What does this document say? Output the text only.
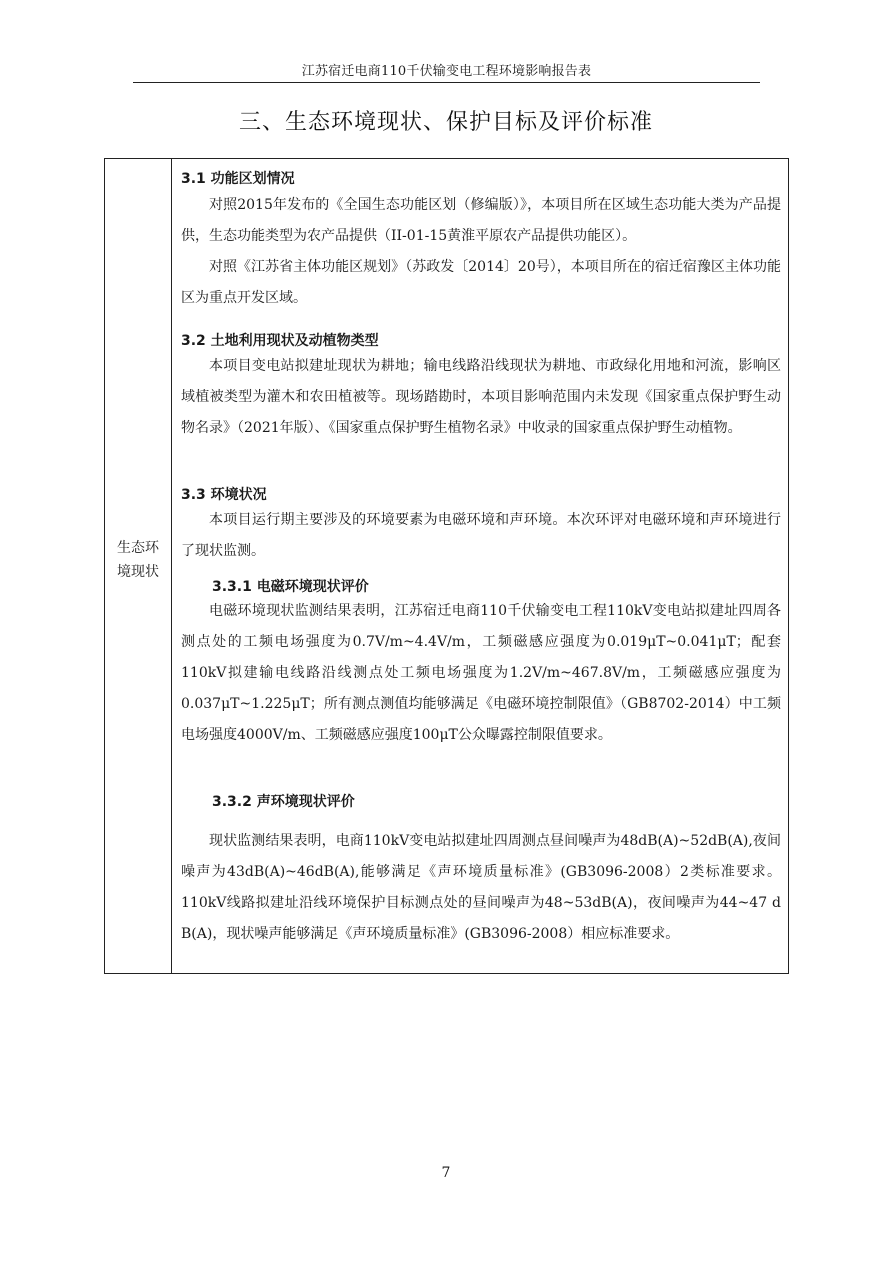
江苏宿迁电商110千伏输变电工程环境影响报告表
三、生态环境现状、保护目标及评价标准
生态环境现状
3.1 功能区划情况
对照2015年发布的《全国生态功能区划（修编版）》，本项目所在区域生态功能大类为产品提供，生态功能类型为农产品提供（II-01-15黄淮平原农产品提供功能区）。
对照《江苏省主体功能区规划》（苏政发〔2014〕20号），本项目所在的宿迁宿豫区主体功能区为重点开发区域。
3.2 土地利用现状及动植物类型
本项目变电站拟建址现状为耕地；输电线路沿线现状为耕地、市政绿化用地和河流，影响区域植被类型为灌木和农田植被等。现场踏勘时，本项目影响范围内未发现《国家重点保护野生动物名录》（2021年版）、《国家重点保护野生植物名录》中收录的国家重点保护野生动植物。
3.3 环境状况
本项目运行期主要涉及的环境要素为电磁环境和声环境。本次环评对电磁环境和声环境进行了现状监测。
3.3.1 电磁环境现状评价
电磁环境现状监测结果表明，江苏宿迁电商110千伏输变电工程110kV变电站拟建址四周各测点处的工频电场强度为0.7V/m~4.4V/m，工频磁感应强度为0.019μT~0.041μT；配套110kV拟建输电线路沿线测点处工频电场强度为1.2V/m~467.8V/m，工频磁感应强度为0.037μT~1.225μT；所有测点测值均能够满足《电磁环境控制限值》（GB8702-2014）中工频电场强度4000V/m、工频磁感应强度100μT公众曝露控制限值要求。
3.3.2 声环境现状评价
现状监测结果表明，电商110kV变电站拟建址四周测点昼间噪声为48dB(A)~52dB(A),夜间噪声为43dB(A)~46dB(A),能够满足《声环境质量标准》(GB3096-2008）2类标准要求。110kV线路拟建址沿线环境保护目标测点处的昼间噪声为48~53dB(A)，夜间噪声为44~47 d B(A)，现状噪声能够满足《声环境质量标准》(GB3096-2008）相应标准要求。
7
